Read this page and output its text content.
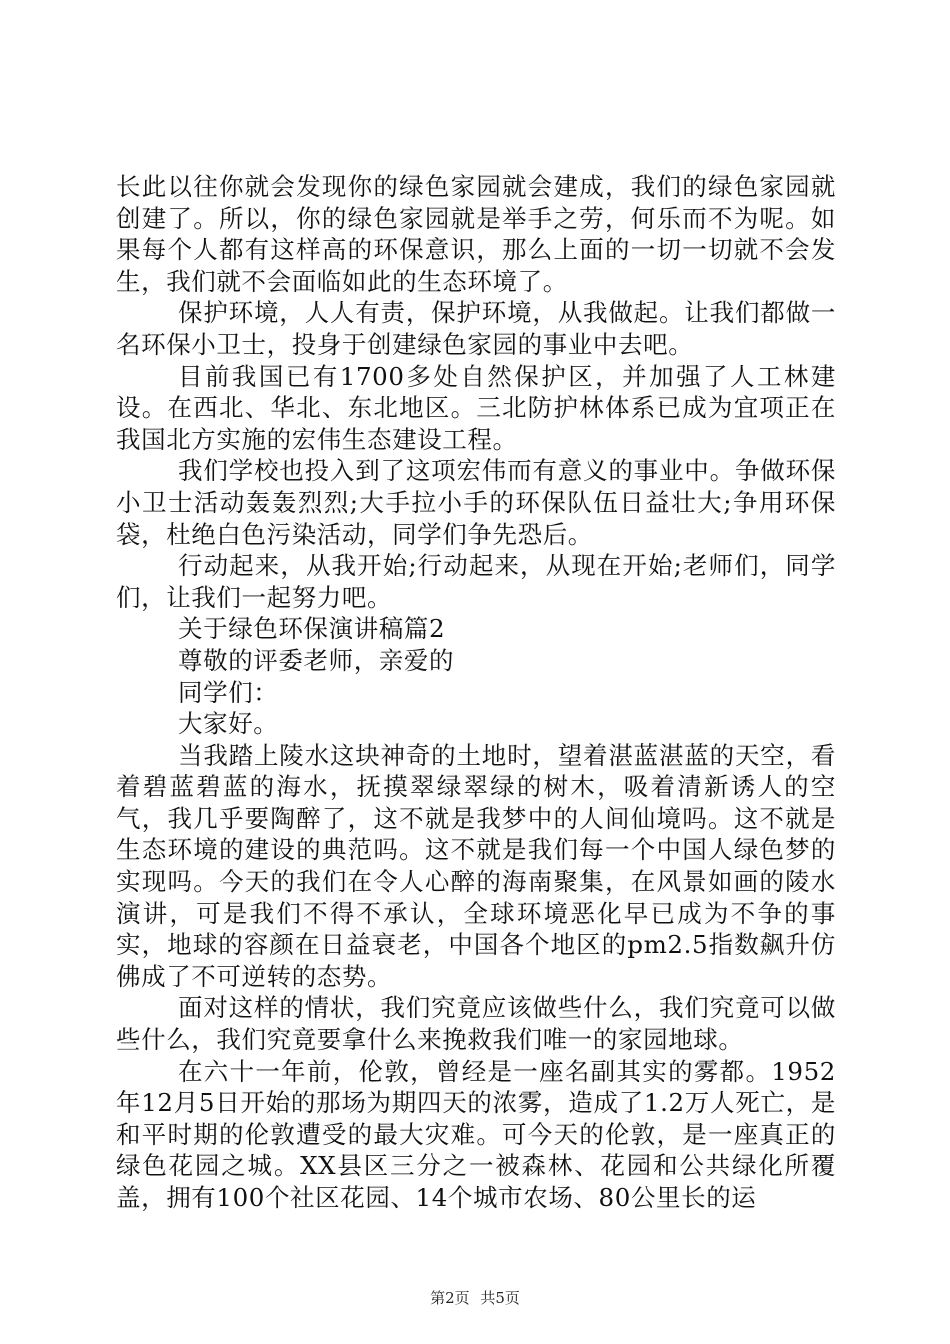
长此以往你就会发现你的绿色家园就会建成，我们的绿色家园就创建了。所以，你的绿色家园就是举手之劳，何乐而不为呢。如果每个人都有这样高的环保意识，那么上面的一切一切就不会发生，我们就不会面临如此的生态环境了。

保护环境，人人有责，保护环境，从我做起。让我们都做一名环保小卫士，投身于创建绿色家园的事业中去吧。

目前我国已有1700多处自然保护区，并加强了人工林建设。在西北、华北、东北地区。三北防护林体系已成为宜项正在我国北方实施的宏伟生态建设工程。

我们学校也投入到了这项宏伟而有意义的事业中。争做环保小卫士活动轰轰烈烈;大手拉小手的环保队伍日益壮大;争用环保袋，杜绝白色污染活动，同学们争先恐后。

行动起来，从我开始;行动起来，从现在开始;老师们，同学们，让我们一起努力吧。

关于绿色环保演讲稿篇2

尊敬的评委老师，亲爱的

同学们：

大家好。

当我踏上陵水这块神奇的土地时，望着湛蓝湛蓝的天空，看着碧蓝碧蓝的海水，抚摸翠绿翠绿的树木，吸着清新诱人的空气，我几乎要陶醉了，这不就是我梦中的人间仙境吗。这不就是生态环境的建设的典范吗。这不就是我们每一个中国人绿色梦的实现吗。今天的我们在令人心醉的海南聚集，在风景如画的陵水演讲，可是我们不得不承认，全球环境恶化早已成为不争的事实，地球的容颜在日益衰老，中国各个地区的pm2.5指数飙升仿佛成了不可逆转的态势。

面对这样的情状，我们究竟应该做些什么，我们究竟可以做些什么，我们究竟要拿什么来挽救我们唯一的家园地球。

在六十一年前，伦敦，曾经是一座名副其实的雾都。1952年12月5日开始的那场为期四天的浓雾，造成了1.2万人死亡，是和平时期的伦敦遭受的最大灾难。可今天的伦敦，是一座真正的绿色花园之城。XX县区三分之一被森林、花园和公共绿化所覆盖，拥有100个社区花园、14个城市农场、80公里长的运

第2页 共5页
